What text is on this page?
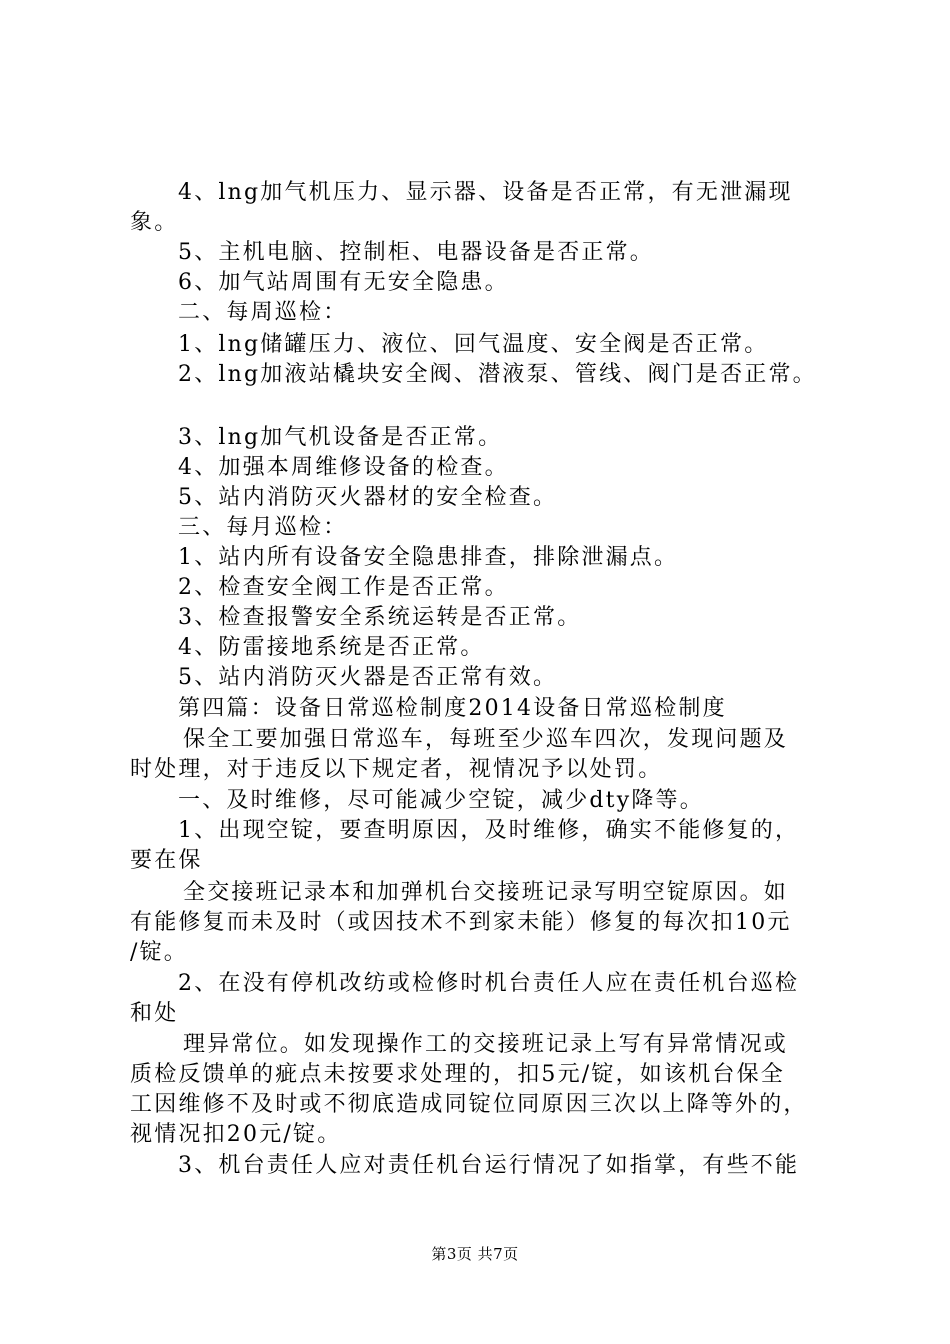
4、lng加气机压力、显示器、设备是否正常，有无泄漏现
象。
5、主机电脑、控制柜、电器设备是否正常。
6、加气站周围有无安全隐患。
二、每周巡检：
1、lng储罐压力、液位、回气温度、安全阀是否正常。
2、lng加液站橇块安全阀、潜液泵、管线、阀门是否正常。
3、lng加气机设备是否正常。
4、加强本周维修设备的检查。
5、站内消防灭火器材的安全检查。
三、每月巡检：
1、站内所有设备安全隐患排查，排除泄漏点。
2、检查安全阀工作是否正常。
3、检查报警安全系统运转是否正常。
4、防雷接地系统是否正常。
5、站内消防灭火器是否正常有效。
第四篇：设备日常巡检制度2014设备日常巡检制度
保全工要加强日常巡车，每班至少巡车四次，发现问题及
时处理，对于违反以下规定者，视情况予以处罚。
一、及时维修，尽可能减少空锭，减少dty降等。
1、出现空锭，要查明原因，及时维修，确实不能修复的，
要在保
全交接班记录本和加弹机台交接班记录写明空锭原因。如
有能修复而未及时（或因技术不到家未能）修复的每次扣10元
/锭。
2、在没有停机改纺或检修时机台责任人应在责任机台巡检
和处
理异常位。如发现操作工的交接班记录上写有异常情况或
质检反馈单的疵点未按要求处理的，扣5元/锭，如该机台保全
工因维修不及时或不彻底造成同锭位同原因三次以上降等外的，
视情况扣20元/锭。
3、机台责任人应对责任机台运行情况了如指掌，有些不能
第3页 共7页
